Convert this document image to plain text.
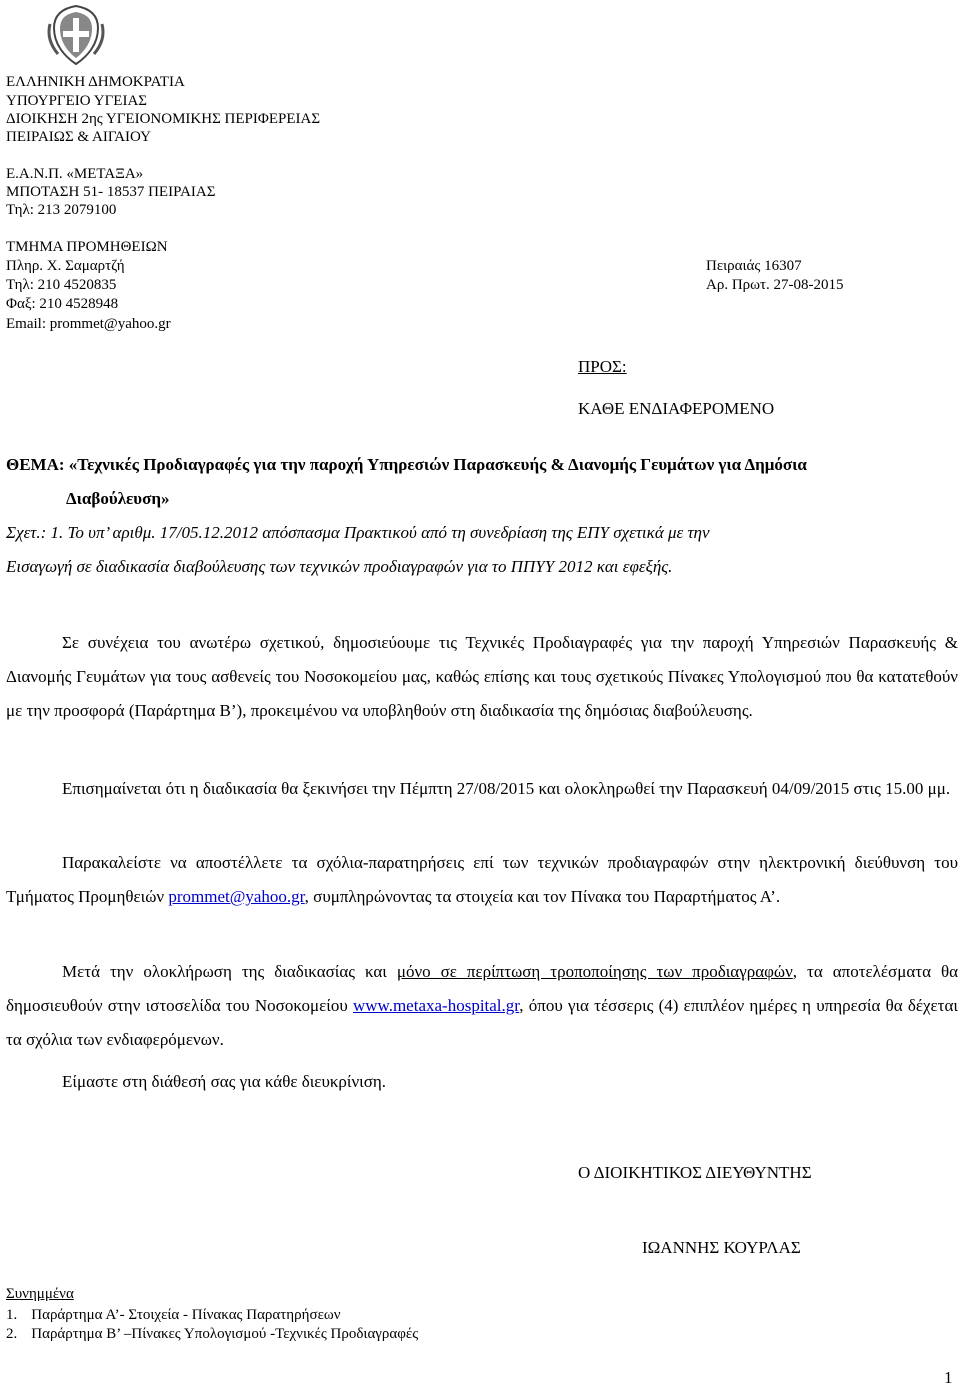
ΕΛΛΗΝΙΚΗ ΔΗΜΟΚΡΑΤΙΑ
ΥΠΟΥΡΓΕΙΟ ΥΓΕΙΑΣ
ΔΙΟΙΚΗΣΗ 2ης ΥΓΕΙΟΝΟΜΙΚΗΣ ΠΕΡΙΦΕΡΕΙΑΣ
ΠΕΙΡΑΙΩΣ & ΑΙΓΑΙΟΥ
Ε.Α.Ν.Π. «ΜΕΤΑΞΑ»
ΜΠΟΤΑΣΗ 51- 18537 ΠΕΙΡΑΙΑΣ
Τηλ: 213 2079100
ΤΜΗΜΑ ΠΡΟΜΗΘΕΙΩΝ
Πληρ. Χ. Σαμαρτζή
Τηλ: 210 4520835
Φαξ: 210 4528948
Email: prommet@yahoo.gr
Πειραιάς 16307
Αρ. Πρωτ. 27-08-2015
ΠΡΟΣ:
ΚΑΘΕ ΕΝΔΙΑΦΕΡΟΜΕΝΟ
ΘΕΜΑ: «Τεχνικές Προδιαγραφές για την παροχή Υπηρεσιών Παρασκευής & Διανομής Γευμάτων για Δημόσια
Διαβούλευση»
Σχετ.: 1. Το υπ’ αριθμ. 17/05.12.2012 απόσπασμα Πρακτικού από τη συνεδρίαση της ΕΠΥ σχετικά με την
Εισαγωγή σε διαδικασία διαβούλευσης των τεχνικών προδιαγραφών για το ΠΠΥΥ 2012 και εφεξής.
Σε συνέχεια του ανωτέρω σχετικού, δημοσιεύουμε τις Τεχνικές Προδιαγραφές για την παροχή Υπηρεσιών Παρασκευής & Διανομής Γευμάτων για τους ασθενείς του Νοσοκομείου μας, καθώς επίσης και τους σχετικούς Πίνακες Υπολογισμού που θα κατατεθούν με την προσφορά (Παράρτημα Β’), προκειμένου να υποβληθούν στη διαδικασία της δημόσιας διαβούλευσης.
Επισημαίνεται ότι η διαδικασία θα ξεκινήσει την Πέμπτη 27/08/2015 και ολοκληρωθεί την Παρασκευή 04/09/2015 στις 15.00 μμ.
Παρακαλείστε να αποστέλλετε τα σχόλια-παρατηρήσεις επί των τεχνικών προδιαγραφών στην ηλεκτρονική διεύθυνση του Τμήματος Προμηθειών prommet@yahoo.gr, συμπληρώνοντας τα στοιχεία και τον Πίνακα του Παραρτήματος Α’.
Μετά την ολοκλήρωση της διαδικασίας και μόνο σε περίπτωση τροποποίησης των προδιαγραφών, τα αποτελέσματα θα δημοσιευθούν στην ιστοσελίδα του Νοσοκομείου www.metaxa-hospital.gr, όπου για τέσσερις (4) επιπλέον ημέρες η υπηρεσία θα δέχεται τα σχόλια των ενδιαφερόμενων.
Είμαστε στη διάθεσή σας για κάθε διευκρίνιση.
Ο ΔΙΟΙΚΗΤΙΚΟΣ ΔΙΕΥΘΥΝΤΗΣ
ΙΩΑΝΝΗΣ ΚΟΥΡΛΑΣ
Συνημμένα
1. Παράρτημα Α’- Στοιχεία - Πίνακας Παρατηρήσεων
2. Παράρτημα Β’ –Πίνακες Υπολογισμού -Τεχνικές Προδιαγραφές
1
